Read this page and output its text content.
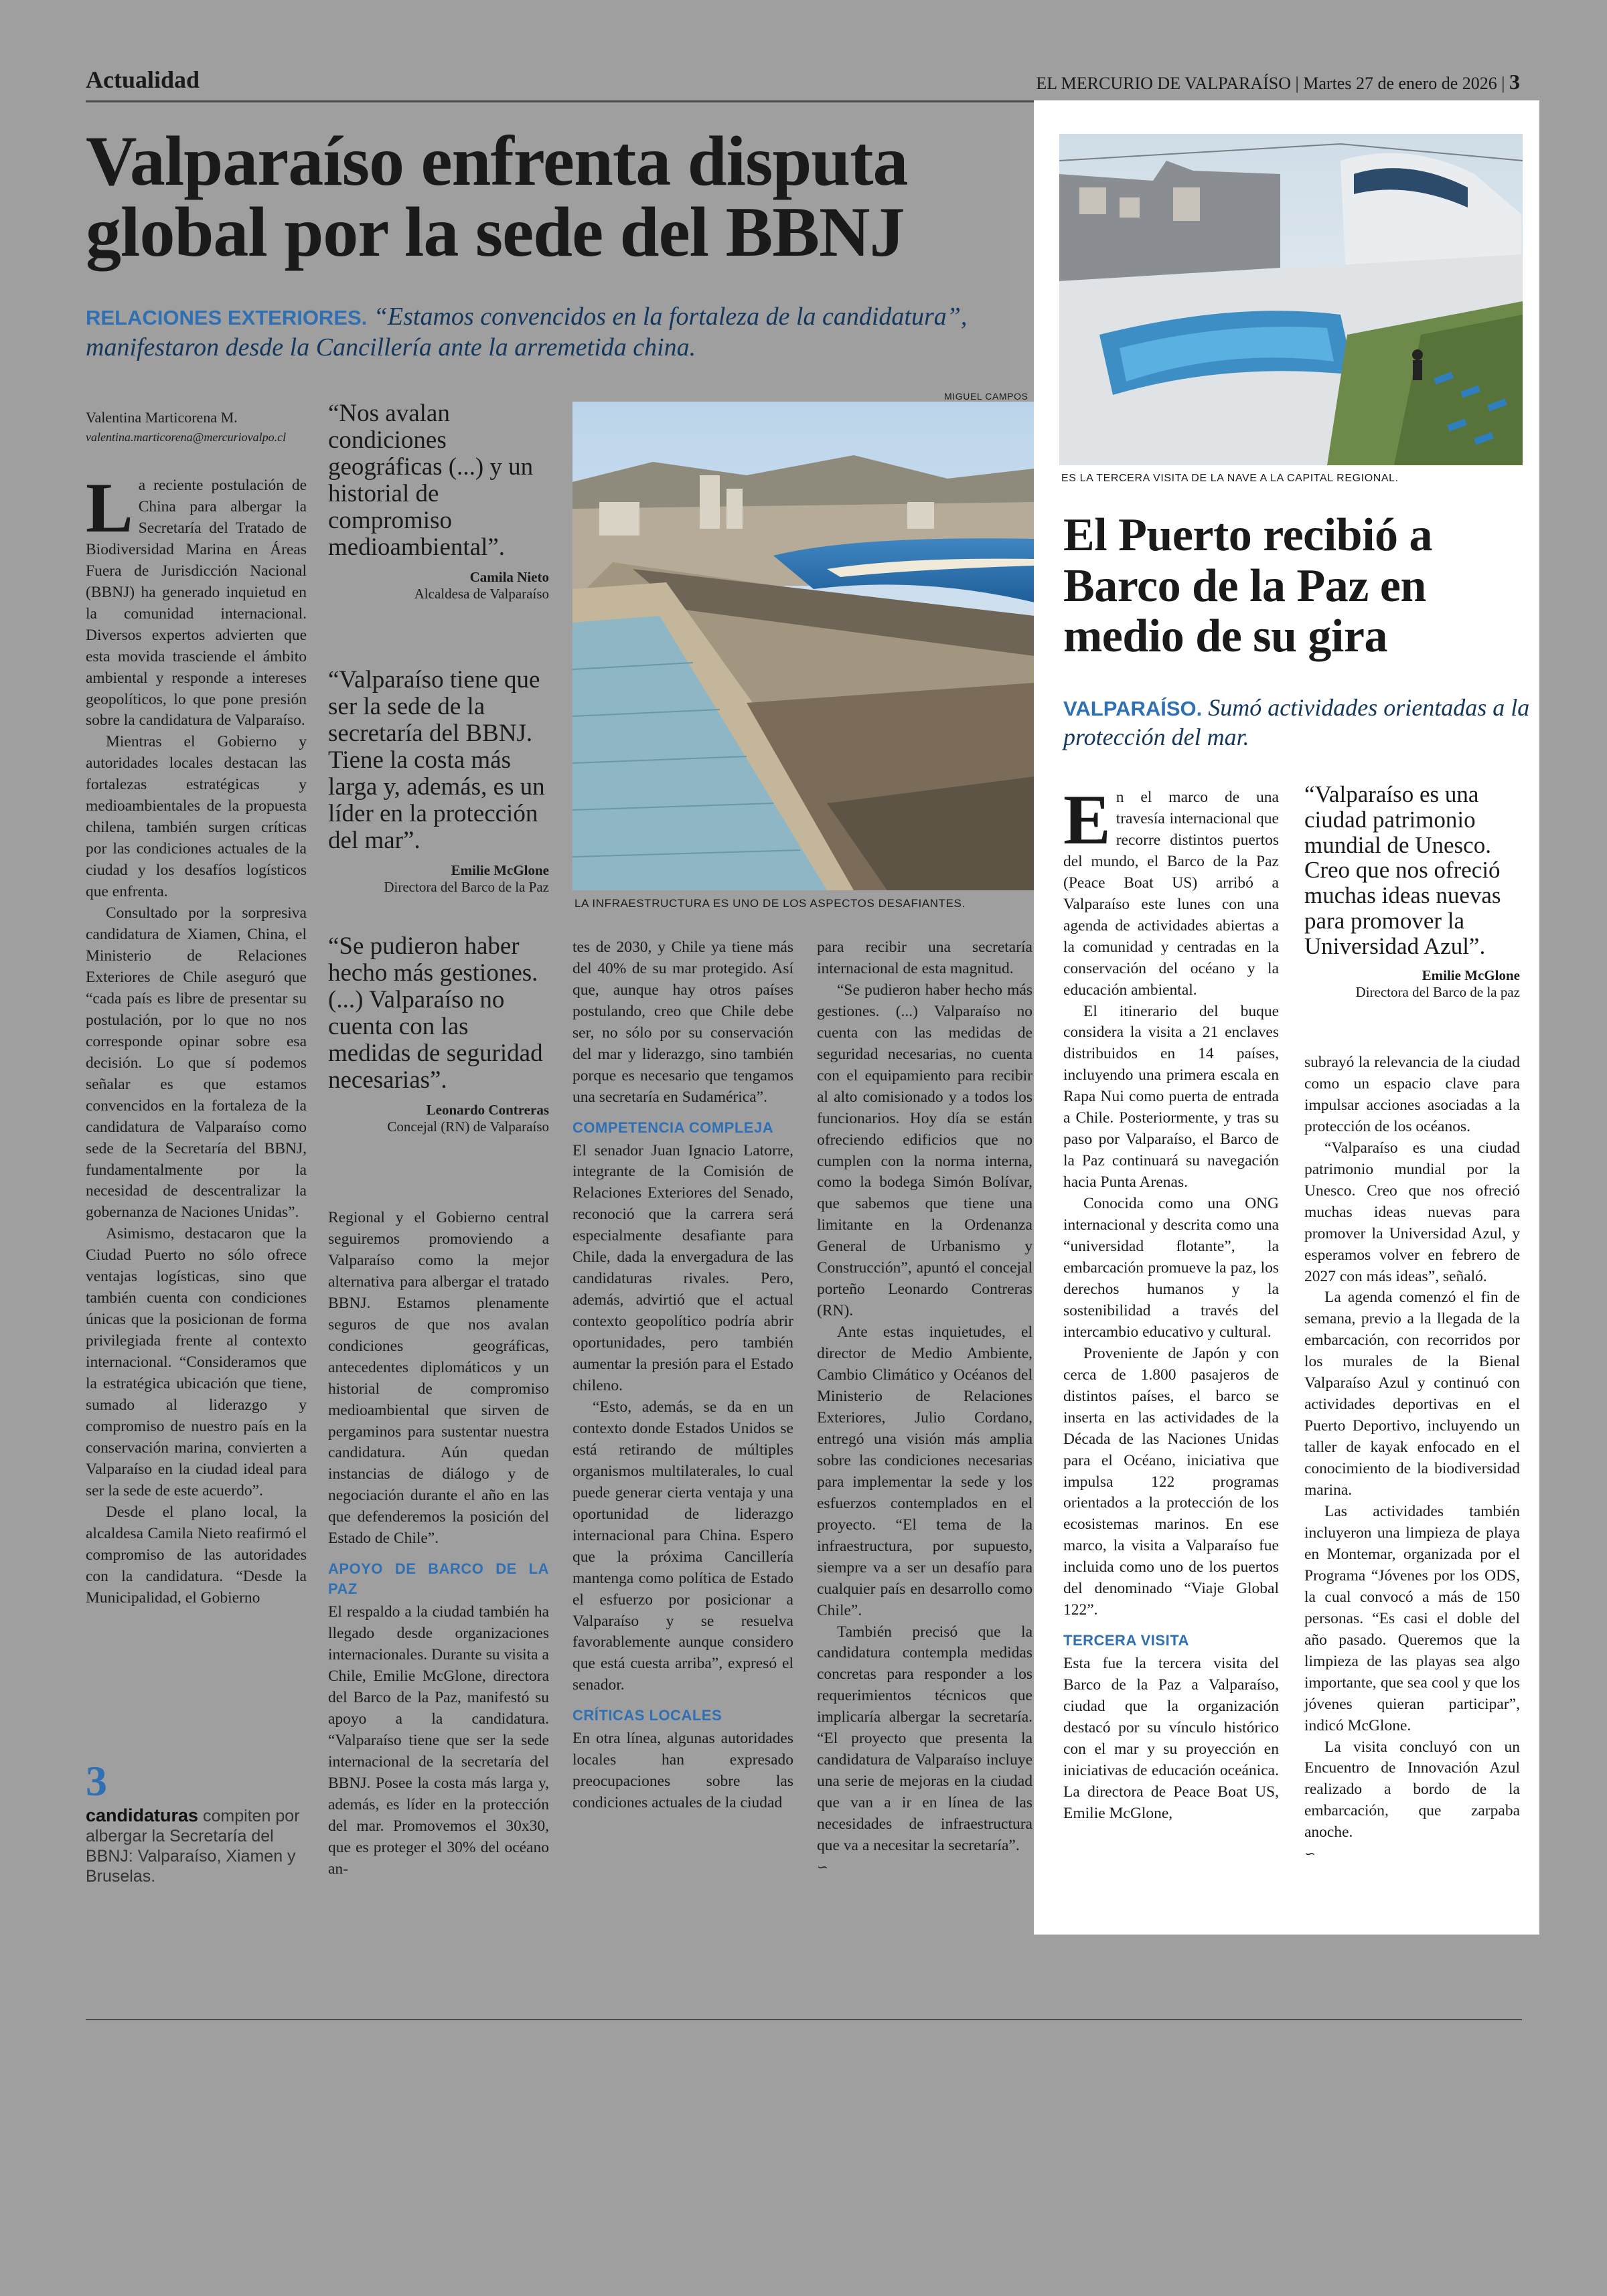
Actualidad	EL MERCURIO DE VALPARAÍSO | Martes 27 de enero de 2026 | 3
Valparaíso enfrenta disputa
global por la sede del BBNJ
RELACIONES EXTERIORES. “Estamos convencidos en la fortaleza de la candidatura”, manifestaron desde la Cancillería ante la arremetida china.
Valentina Marticorena M.
valentina.marticorena@mercuriovalpo.cl
L a reciente postulación de China para albergar la Secretaría del Tratado de Biodiversidad Marina en Áreas Fuera de Jurisdicción Nacional (BBNJ) ha generado inquietud en la comunidad internacional. Diversos expertos advierten que esta movida trasciende el ámbito ambiental y responde a intereses geopolíticos, lo que pone presión sobre la candidatura de Valparaíso.

Mientras el Gobierno y autoridades locales destacan las fortalezas estratégicas y medioambientales de la propuesta chilena, también surgen críticas por las condiciones actuales de la ciudad y los desafíos logísticos que enfrenta.

Consultado por la sorpresiva candidatura de Xiamen, China, el Ministerio de Relaciones Exteriores de Chile aseguró que “cada país es libre de presentar su postulación, por lo que no nos corresponde opinar sobre esa decisión. Lo que sí podemos señalar es que estamos convencidos en la fortaleza de la candidatura de Valparaíso como sede de la Secretaría del BBNJ, fundamentalmente por la necesidad de descentralizar la gobernanza de Naciones Unidas”.

Asimismo, destacaron que la Ciudad Puerto no sólo ofrece ventajas logísticas, sino que también cuenta con condiciones únicas que la posicionan de forma privilegiada frente al contexto internacional. “Consideramos que la estratégica ubicación que tiene, sumado al liderazgo y compromiso de nuestro país en la conservación marina, convierten a Valparaíso en la ciudad ideal para ser la sede de este acuerdo”.

Desde el plano local, la alcaldesa Camila Nieto reafirmó el compromiso de las autoridades con la candidatura. “Desde la Municipalidad, el Gobierno

3
candidaturas compiten por albergar la Secretaría del BBNJ: Valparaíso, Xiamen y Bruselas.
“Nos avalan condiciones geográficas (...) y un historial de compromiso medioambiental”.
Camila Nieto
Alcaldesa de Valparaíso
“Valparaíso tiene que ser la sede de la secretaría del BBNJ. Tiene la costa más larga y, además, es un líder en la protección del mar”.
Emilie McGlone
Directora del Barco de la Paz
“Se pudieron haber hecho más gestiones. (...) Valparaíso no cuenta con las medidas de seguridad necesarias”.
Leonardo Contreras
Concejal (RN) de Valparaíso
MIGUEL CAMPOS
LA INFRAESTRUCTURA ES UNO DE LOS ASPECTOS DESAFIANTES.

Regional y el Gobierno central seguiremos promoviendo a Valparaíso como la mejor alternativa para albergar el tratado BBNJ. Estamos plenamente seguros de que nos avalan condiciones geográficas, antecedentes diplomáticos y un historial de compromiso medioambiental que sirven de pergaminos para sustentar nuestra candidatura. Aún quedan instancias de diálogo y de negociación durante el año en las que defenderemos la posición del Estado de Chile”.

APOYO DE BARCO DE LA PAZ

El respaldo a la ciudad también ha llegado desde organizaciones internacionales. Durante su visita a Chile, Emilie McGlone, directora del Barco de la Paz, manifestó su apoyo a la candidatura. “Valparaíso tiene que ser la sede internacional de la secretaría del BBNJ. Posee la costa más larga y, además, es líder en la protección del mar. Promovemos el 30x30, que es proteger el 30% del océano an-

tes de 2030, y Chile ya tiene más del 40% de su mar protegido. Así que, aunque hay otros países postulando, creo que Chile debe ser, no sólo por su conservación del mar y liderazgo, sino también porque es necesario que tengamos una secretaría en Sudamérica”.

COMPETENCIA COMPLEJA

El senador Juan Ignacio Latorre, integrante de la Comisión de Relaciones Exteriores del Senado, reconoció que la carrera será especialmente desafiante para Chile, dada la envergadura de las candidaturas rivales. Pero, además, advirtió que el actual contexto geopolítico podría abrir oportunidades, pero también aumentar la presión para el Estado chileno.

“Esto, además, se da en un contexto donde Estados Unidos se está retirando de múltiples organismos multilaterales, lo cual puede generar cierta ventaja y una oportunidad de liderazgo internacional para China. Espero que la próxima Cancillería mantenga como política de Estado el esfuerzo por posicionar a Valparaíso y se resuelva favorablemente aunque considero que está cuesta arriba”, expresó el senador.

CRÍTICAS LOCALES

En otra línea, algunas autoridades locales han expresado preocupaciones sobre las condiciones actuales de la ciudad

para recibir una secretaría internacional de esta magnitud.

“Se pudieron haber hecho más gestiones. (...) Valparaíso no cuenta con las medidas de seguridad necesarias, no cuenta con el equipamiento para recibir al alto comisionado y a todos los funcionarios. Hoy día se están ofreciendo edificios que no cumplen con la norma interna, como la bodega Simón Bolívar, que sabemos que tiene una limitante en la Ordenanza General de Urbanismo y Construcción”, apuntó el concejal porteño Leonardo Contreras (RN).

Ante estas inquietudes, el director de Medio Ambiente, Cambio Climático y Océanos del Ministerio de Relaciones Exteriores, Julio Cordano, entregó una visión más amplia sobre las condiciones necesarias para implementar la sede y los esfuerzos contemplados en el proyecto. “El tema de la infraestructura, por supuesto, siempre va a ser un desafío para cualquier país en desarrollo como Chile”.

También precisó que la candidatura contempla medidas concretas para responder a los requerimientos técnicos que implicaría albergar la secretaría. “El proyecto que presenta la candidatura de Valparaíso incluye una serie de mejoras en la ciudad que van a ir en línea de las necesidades de infraestructura que va a necesitar la secretaría”.

∽
ES LA TERCERA VISITA DE LA NAVE A LA CAPITAL REGIONAL.
El Puerto recibió a Barco de la Paz en medio de su gira
VALPARAÍSO. Sumó actividades orientadas a la protección del mar.
E n el marco de una travesía internacional que recorre distintos puertos del mundo, el Barco de la Paz (Peace Boat US) arribó a Valparaíso este lunes con una agenda de actividades abiertas a la comunidad y centradas en la conservación del océano y la educación ambiental.

El itinerario del buque considera la visita a 21 enclaves distribuidos en 14 países, incluyendo una primera escala en Rapa Nui como puerta de entrada a Chile. Posteriormente, y tras su paso por Valparaíso, el Barco de la Paz continuará su navegación hacia Punta Arenas.

Conocida como una ONG internacional y descrita como una “universidad flotante”, la embarcación promueve la paz, los derechos humanos y la sostenibilidad a través del intercambio educativo y cultural.

Proveniente de Japón y con cerca de 1.800 pasajeros de distintos países, el barco se inserta en las actividades de la Década de las Naciones Unidas para el Océano, iniciativa que impulsa 122 programas orientados a la protección de los ecosistemas marinos. En ese marco, la visita a Valparaíso fue incluida como uno de los puertos del denominado “Viaje Global 122”.

TERCERA VISITA

Esta fue la tercera visita del Barco de la Paz a Valparaíso, ciudad que la organización destacó por su vínculo histórico con el mar y su proyección en iniciativas de educación oceánica. La directora de Peace Boat US, Emilie McGlone,

“Valparaíso es una ciudad patrimonio mundial de Unesco. Creo que nos ofreció muchas ideas nuevas para promover la Universidad Azul”.
Emilie McGlone
Directora del Barco de la paz

subrayó la relevancia de la ciudad como un espacio clave para impulsar acciones asociadas a la protección de los océanos.

“Valparaíso es una ciudad patrimonio mundial por la Unesco. Creo que nos ofreció muchas ideas nuevas para promover la Universidad Azul, y esperamos volver en febrero de 2027 con más ideas”, señaló.

La agenda comenzó el fin de semana, previo a la llegada de la embarcación, con recorridos por los murales de la Bienal Valparaíso Azul y continuó con actividades deportivas en el Puerto Deportivo, incluyendo un taller de kayak enfocado en el conocimiento de la biodiversidad marina.

Las actividades también incluyeron una limpieza de playa en Montemar, organizada por el Programa “Jóvenes por los ODS, la cual convocó a más de 150 personas. “Es casi el doble del año pasado. Queremos que la limpieza de las playas sea algo importante, que sea cool y que los jóvenes quieran participar”, indicó McGlone.

La visita concluyó con un Encuentro de Innovación Azul realizado a bordo de la embarcación, que zarpaba anoche.

∽
